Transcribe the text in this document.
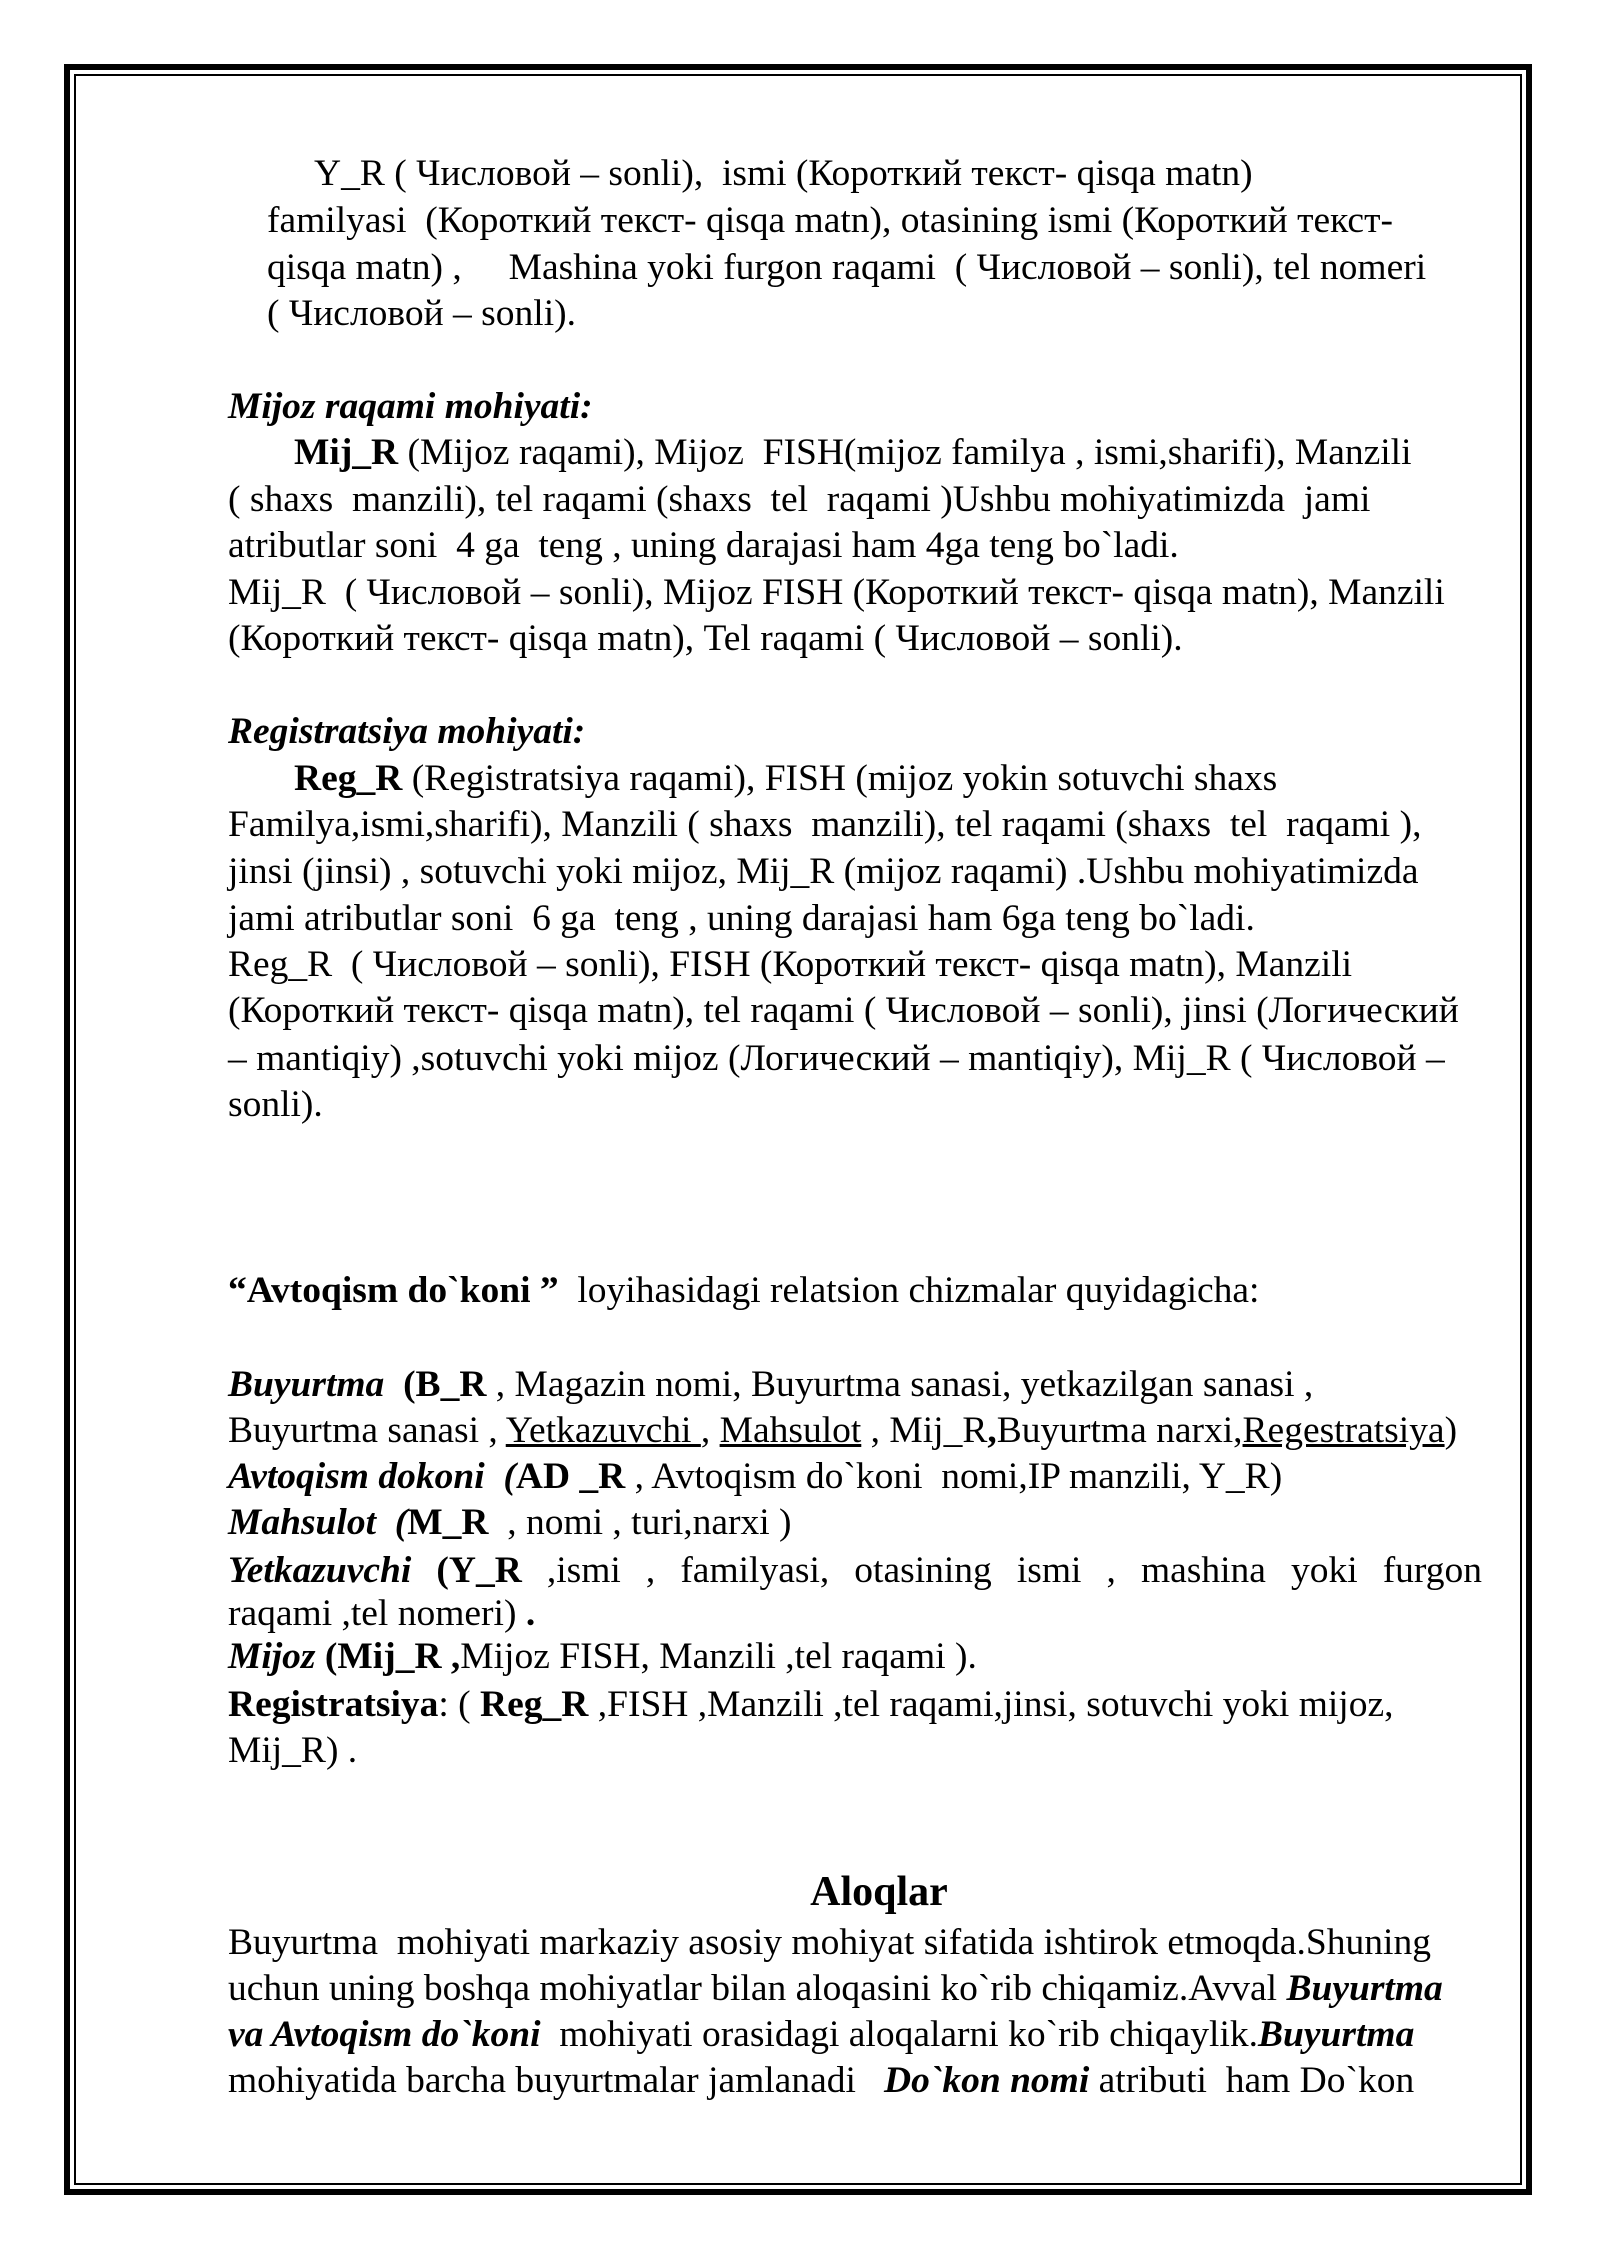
Y_R ( Числовой – sonli),  ismi (Короткий текст- qisqa matn)
familyasi  (Короткий текст- qisqa matn), otasining ismi (Короткий текст-
qisqa matn) ,     Mashina yoki furgon raqami  ( Числовой – sonli), tel nomeri
( Числовой – sonli).
Mijoz raqami mohiyati:
Mij_R (Mijoz raqami), Mijoz  FISH(mijoz familya , ismi,sharifi), Manzili
( shaxs  manzili), tel raqami (shaxs  tel  raqami )Ushbu mohiyatimizda  jami
atributlar soni  4 ga  teng , uning darajasi ham 4ga teng bo`ladi.
Mij_R  ( Числовой – sonli), Mijoz FISH (Короткий текст- qisqa matn), Manzili
(Короткий текст- qisqa matn), Tel raqami ( Числовой – sonli).
Registratsiya mohiyati:
Reg_R (Registratsiya raqami), FISH (mijoz yokin sotuvchi shaxs
Familya,ismi,sharifi), Manzili ( shaxs  manzili), tel raqami (shaxs  tel  raqami ),
jinsi (jinsi) , sotuvchi yoki mijoz, Mij_R (mijoz raqami) .Ushbu mohiyatimizda
jami atributlar soni  6 ga  teng , uning darajasi ham 6ga teng bo`ladi.
Reg_R  ( Числовой – sonli), FISH (Короткий текст- qisqa matn), Manzili
(Короткий текст- qisqa matn), tel raqami ( Числовой – sonli), jinsi (Логический
– mantiqiy) ,sotuvchi yoki mijoz (Логический – mantiqiy), Mij_R ( Числовой –
sonli).
“Avtoqism do`koni ”  loyihasidagi relatsion chizmalar quyidagicha:
Buyurtma  (B_R , Magazin nomi, Buyurtma sanasi, yetkazilgan sanasi ,
Buyurtma sanasi , Yetkazuvchi , Mahsulot , Mij_R,Buyurtma narxi,Regestratsiya)
Avtoqism dokoni  (AD _R , Avtoqism do`koni  nomi,IP manzili, Y_R)
Mahsulot  (M_R  , nomi , turi,narxi )
Yetkazuvchi (Y_R ,ismi , familyasi, otasining ismi , mashina yoki furgon
raqami ,tel nomeri) .
Mijoz (Mij_R ,Mijoz FISH, Manzili ,tel raqami ).
Registratsiya: ( Reg_R ,FISH ,Manzili ,tel raqami,jinsi, sotuvchi yoki mijoz,
Mij_R) .
Aloqlar
Buyurtma  mohiyati markaziy asosiy mohiyat sifatida ishtirok etmoqda.Shuning
uchun uning boshqa mohiyatlar bilan aloqasini ko`rib chiqamiz.Avval Buyurtma
va Avtoqism do`koni  mohiyati orasidagi aloqalarni ko`rib chiqaylik.Buyurtma
mohiyatida barcha buyurtmalar jamlanadi   Do`kon nomi atributi  ham Do`kon
